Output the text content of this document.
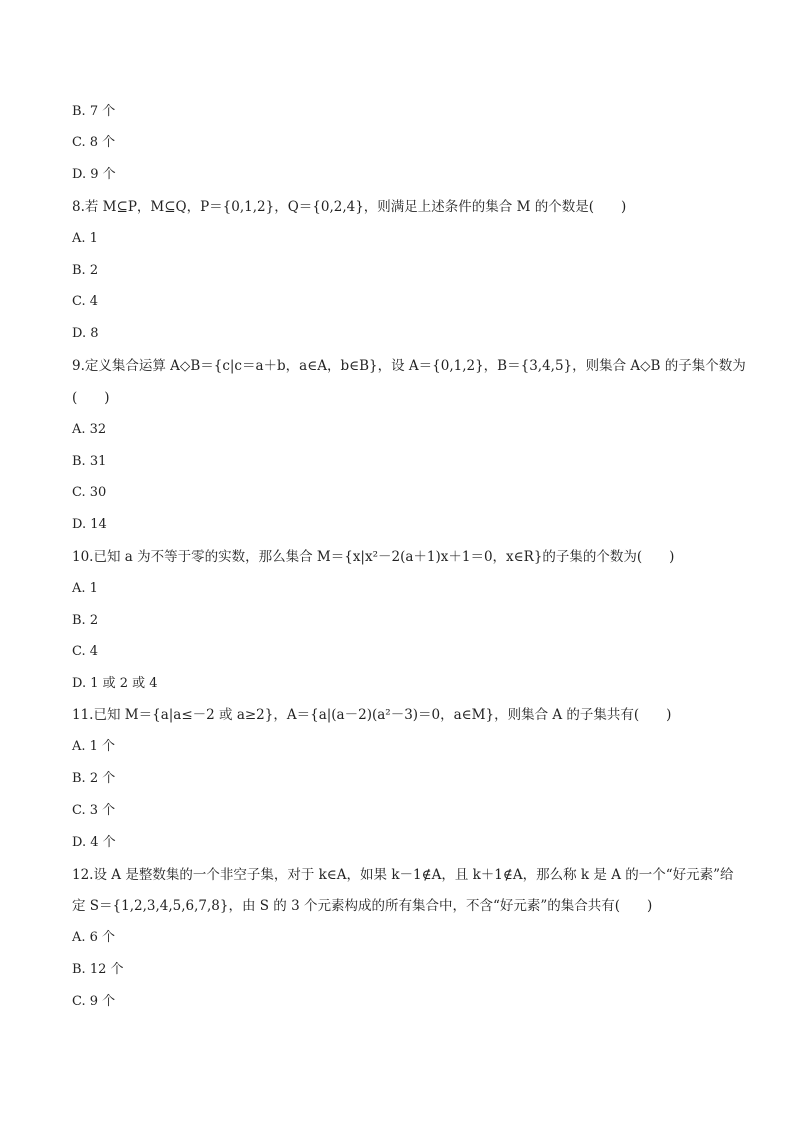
B. 7 个
C. 8 个
D. 9 个
8.若 M⊆P，M⊆Q，P＝{0,1,2}，Q＝{0,2,4}，则满足上述条件的集合 M 的个数是(　　)
A. 1
B. 2
C. 4
D. 8
9.定义集合运算 A◇B＝{c|c＝a＋b，a∈A，b∈B}，设 A＝{0,1,2}，B＝{3,4,5}，则集合 A◇B 的子集个数为
(　　)
A. 32
B. 31
C. 30
D. 14
10.已知 a 为不等于零的实数，那么集合 M＝{x|x²－2(a＋1)x＋1＝0，x∈R}的子集的个数为(　　)
A. 1
B. 2
C. 4
D. 1 或 2 或 4
11.已知 M＝{a|a≤－2 或 a≥2}，A＝{a|(a－2)(a²－3)＝0，a∈M}，则集合 A 的子集共有(　　)
A. 1 个
B. 2 个
C. 3 个
D. 4 个
12.设 A 是整数集的一个非空子集，对于 k∈A，如果 k－1∉A，且 k＋1∉A，那么称 k 是 A 的一个“好元素”给
定 S＝{1,2,3,4,5,6,7,8}，由 S 的 3 个元素构成的所有集合中，不含“好元素”的集合共有(　　)
A. 6 个
B. 12 个
C. 9 个
